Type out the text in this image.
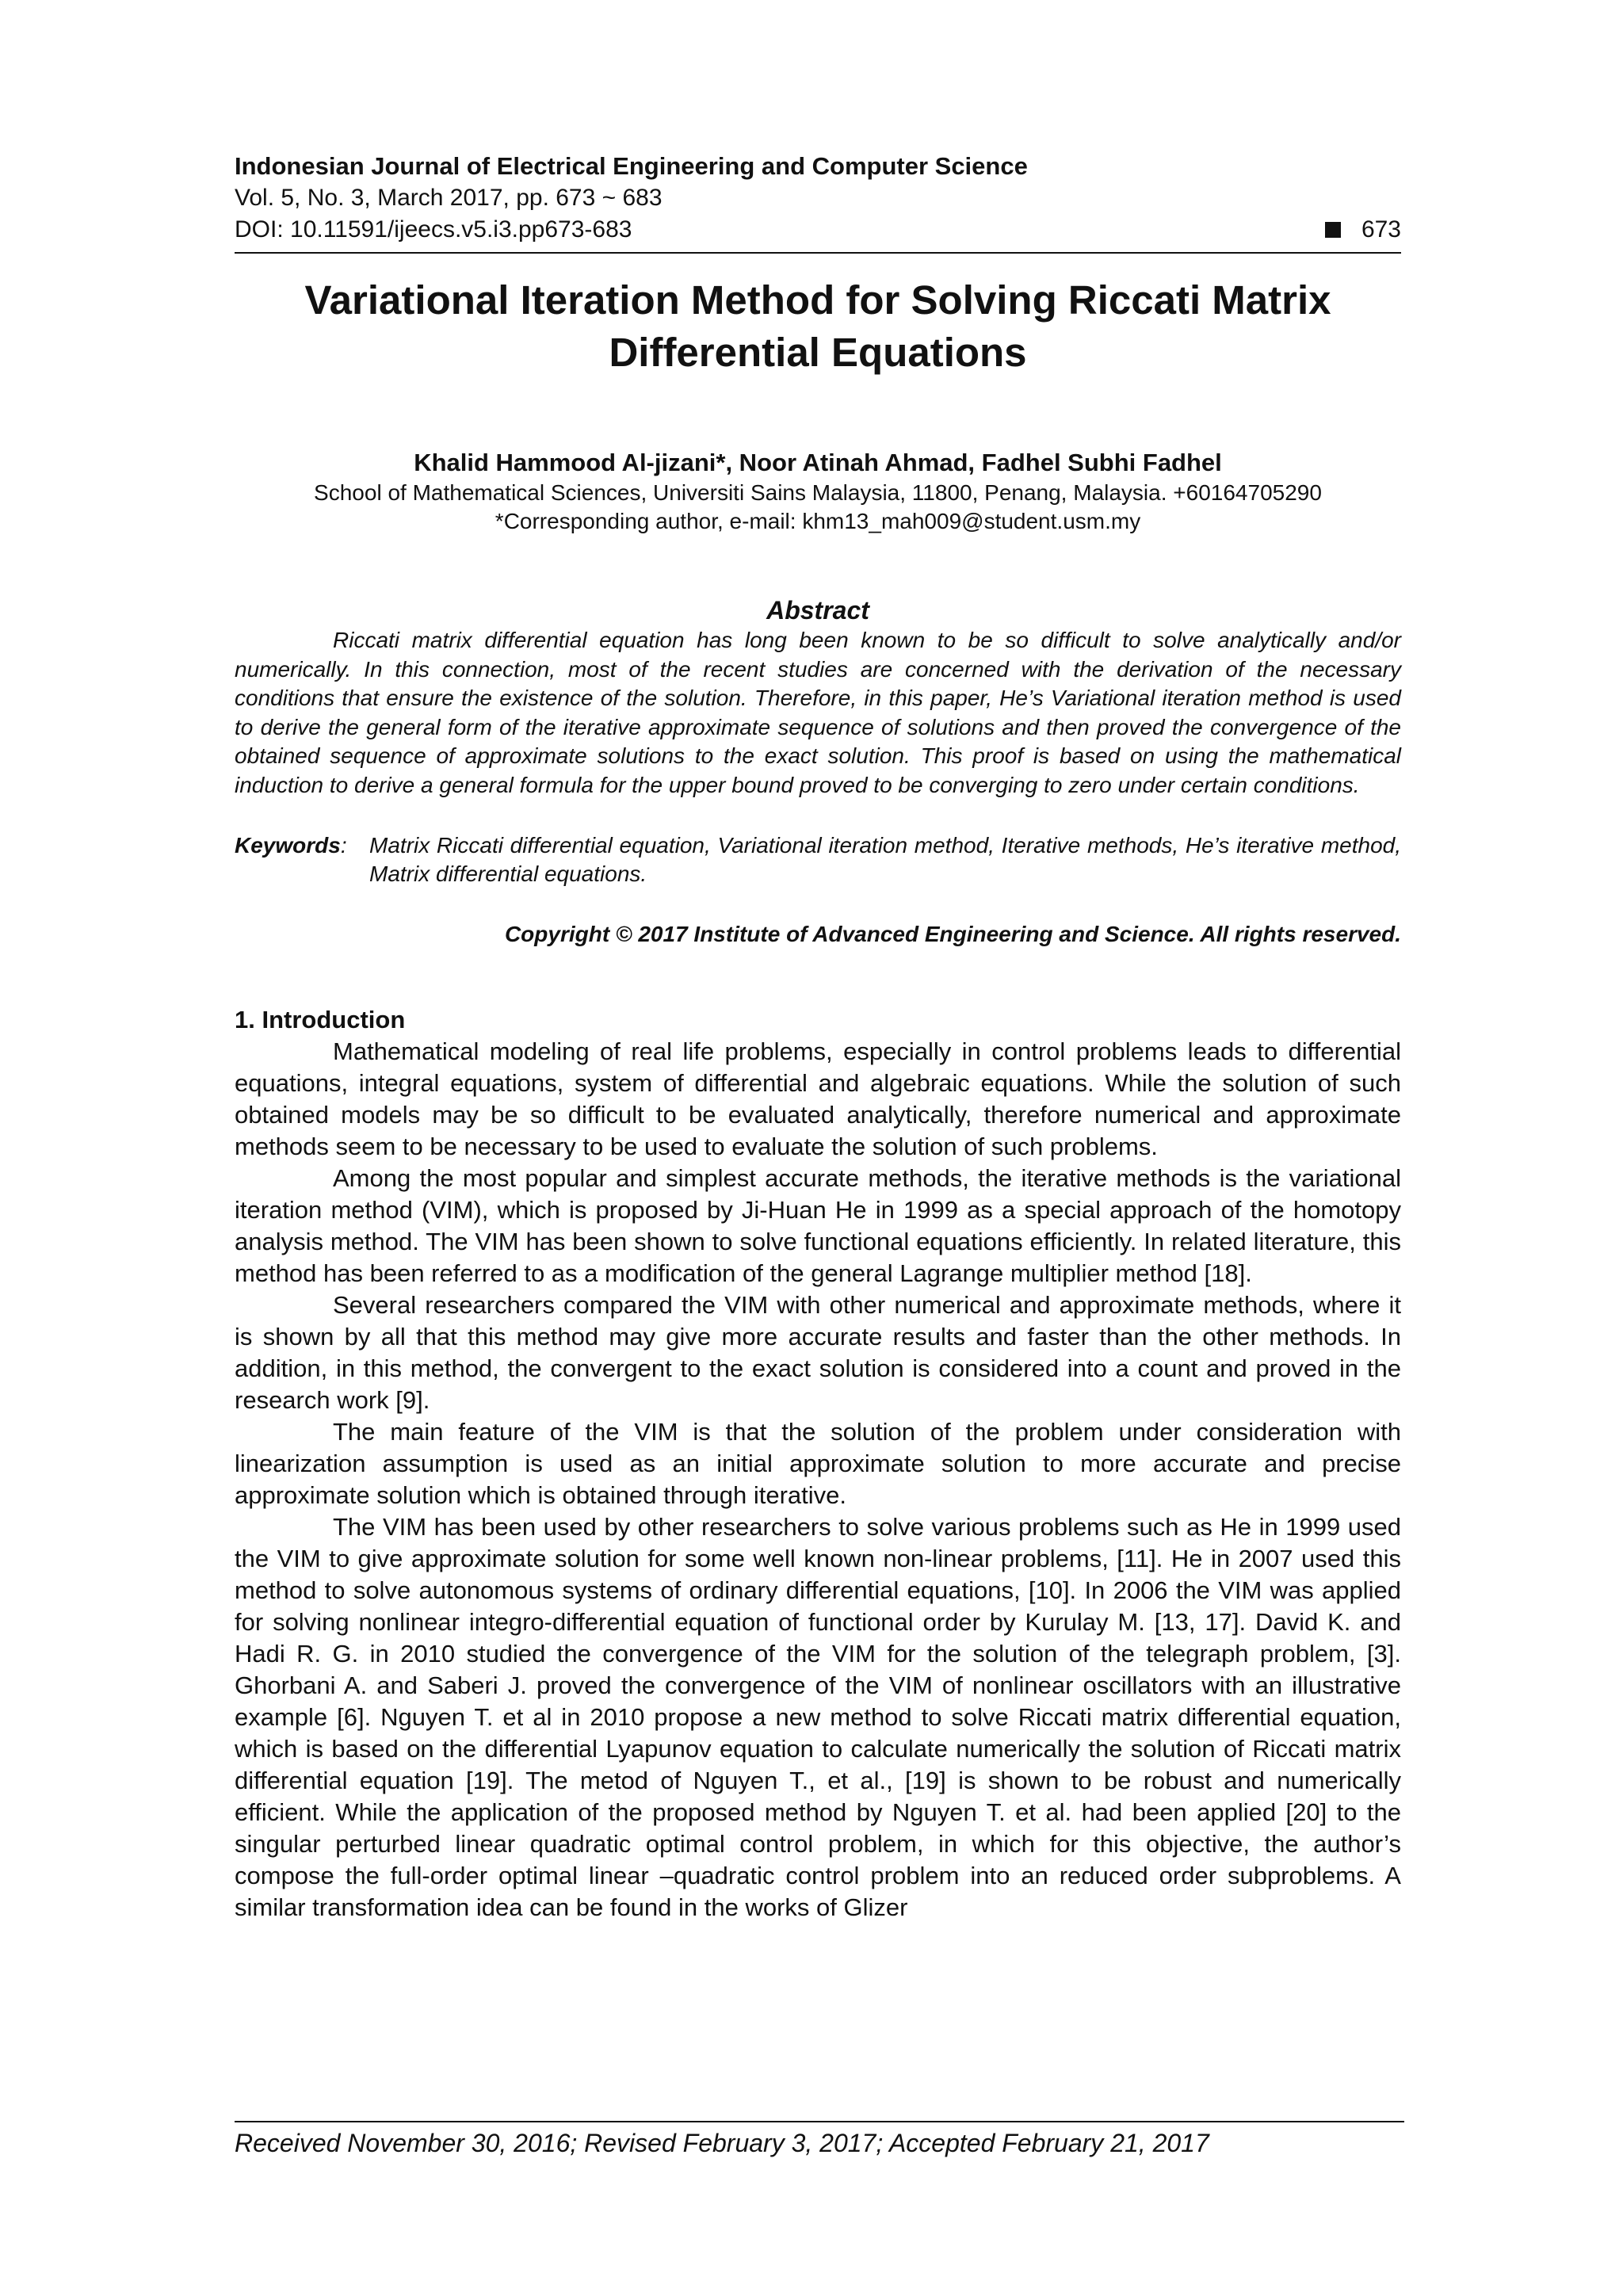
Indonesian Journal of Electrical Engineering and Computer Science
Vol. 5, No. 3, March 2017, pp. 673 ~ 683
DOI: 10.11591/ijeecs.v5.i3.pp673-683	673
Variational Iteration Method for Solving Riccati Matrix Differential Equations
Khalid Hammood Al-jizani*, Noor Atinah Ahmad, Fadhel Subhi Fadhel
School of Mathematical Sciences, Universiti Sains Malaysia, 11800, Penang, Malaysia. +60164705290
*Corresponding author, e-mail: khm13_mah009@student.usm.my
Abstract
Riccati matrix differential equation has long been known to be so difficult to solve analytically and/or numerically. In this connection, most of the recent studies are concerned with the derivation of the necessary conditions that ensure the existence of the solution. Therefore, in this paper, He’s Variational iteration method is used to derive the general form of the iterative approximate sequence of solutions and then proved the convergence of the obtained sequence of approximate solutions to the exact solution. This proof is based on using the mathematical induction to derive a general formula for the upper bound proved to be converging to zero under certain conditions.
Keywords:	Matrix Riccati differential equation, Variational iteration method, Iterative methods, He’s iterative method, Matrix differential equations.
Copyright © 2017 Institute of Advanced Engineering and Science. All rights reserved.
1. Introduction

Mathematical modeling of real life problems, especially in control problems leads to differential equations, integral equations, system of differential and algebraic equations. While the solution of such obtained models may be so difficult to be evaluated analytically, therefore numerical and approximate methods seem to be necessary to be used to evaluate the solution of such problems.

Among the most popular and simplest accurate methods, the iterative methods is the variational iteration method (VIM), which is proposed by Ji-Huan He in 1999 as a special approach of the homotopy analysis method. The VIM has been shown to solve functional equations efficiently. In related literature, this method has been referred to as a modification of the general Lagrange multiplier method [18].

Several researchers compared the VIM with other numerical and approximate methods, where it is shown by all that this method may give more accurate results and faster than the other methods. In addition, in this method, the convergent to the exact solution is considered into a count and proved in the research work [9].

The main feature of the VIM is that the solution of the problem under consideration with linearization assumption is used as an initial approximate solution to more accurate and precise approximate solution which is obtained through iterative.

The VIM has been used by other researchers to solve various problems such as He in 1999 used the VIM to give approximate solution for some well known non-linear problems, [11]. He in 2007 used this method to solve autonomous systems of ordinary differential equations, [10]. In 2006 the VIM was applied for solving nonlinear integro-differential equation of functional order by Kurulay M. [13, 17]. David K. and Hadi R. G. in 2010 studied the convergence of the VIM for the solution of the telegraph problem, [3]. Ghorbani A. and Saberi J. proved the convergence of the VIM of nonlinear oscillators with an illustrative example [6]. Nguyen T. et al in 2010 propose a new method to solve Riccati matrix differential equation, which is based on the differential Lyapunov equation to calculate numerically the solution of Riccati matrix differential equation [19]. The metod of Nguyen T., et al., [19] is shown to be robust and numerically efficient. While the application of the proposed method by Nguyen T. et al. had been applied [20] to the singular perturbed linear quadratic optimal control problem, in which for this objective, the author’s compose the full-order optimal linear –quadratic control problem into an reduced order subproblems. A similar transformation idea can be found in the works of Glizer

Received November 30, 2016; Revised February 3, 2017; Accepted February 21, 2017
